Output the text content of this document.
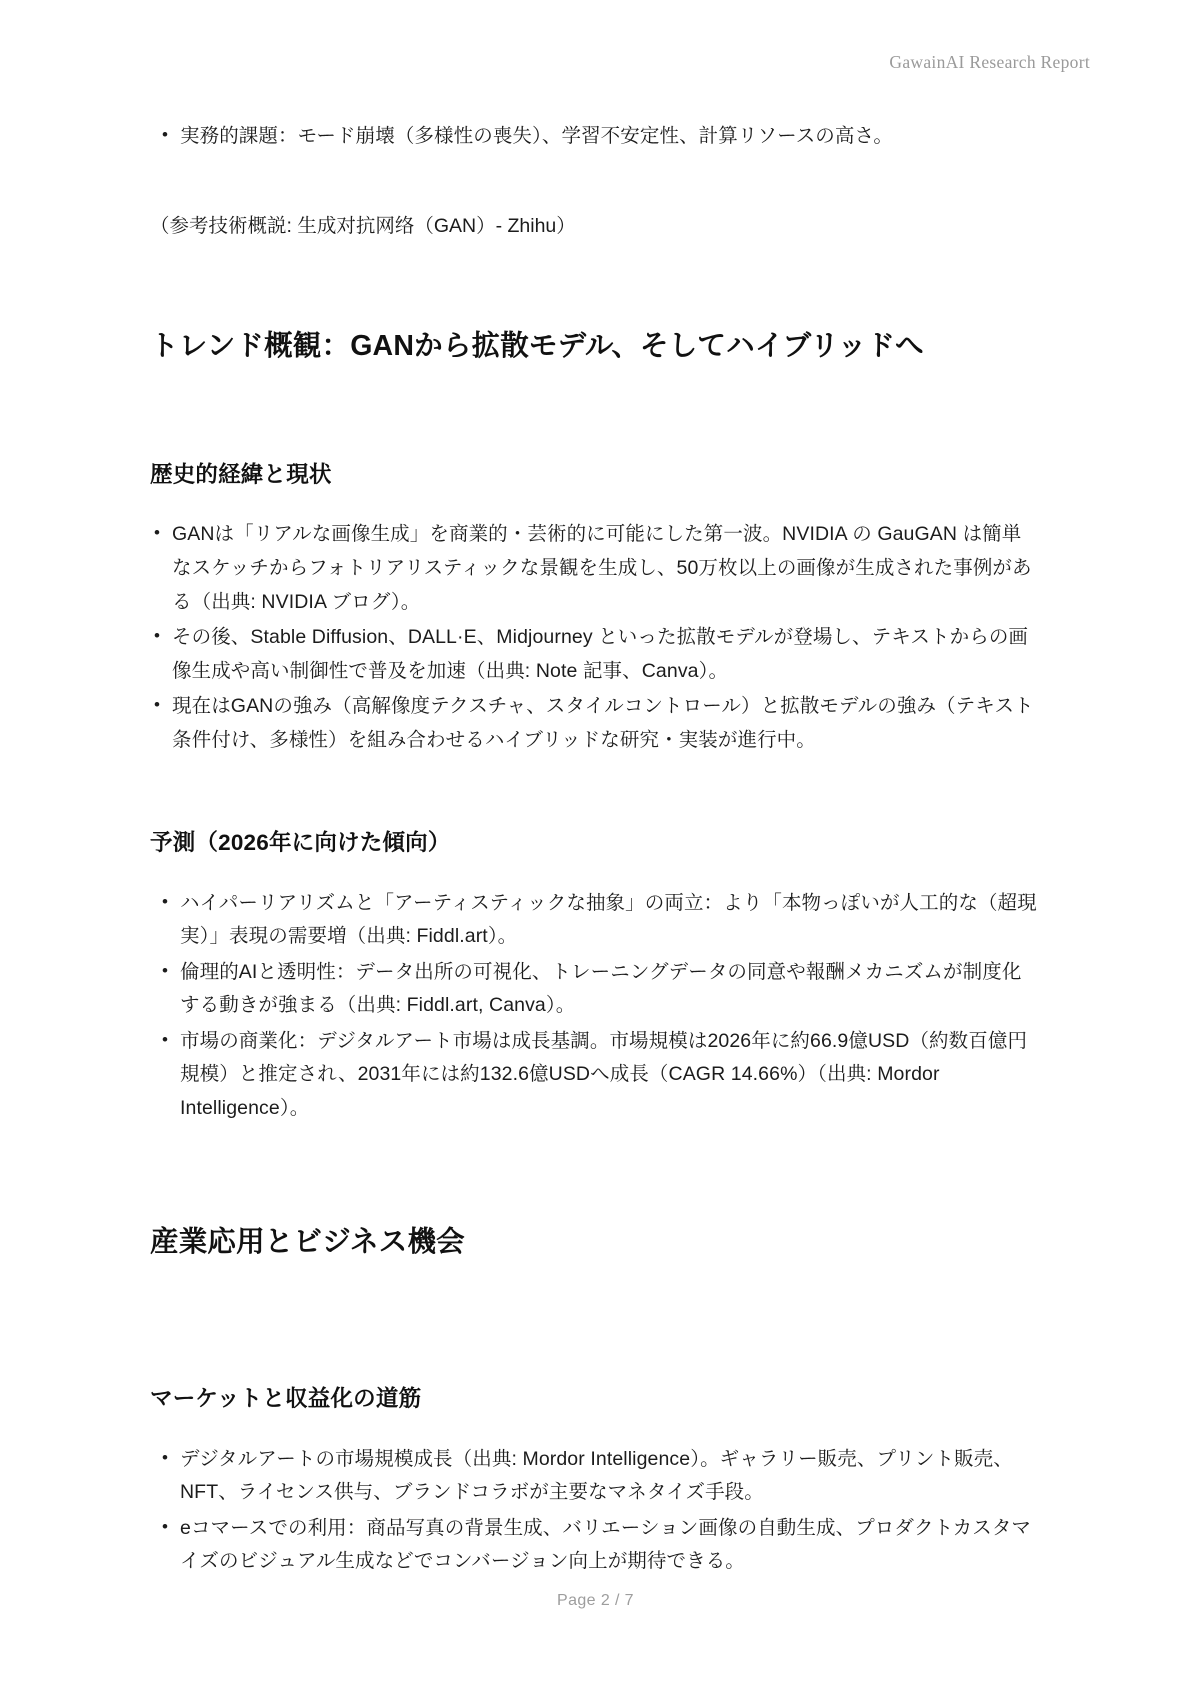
GawainAI Research Report
• 実務的課題：モード崩壊（多様性の喪失）、学習不安定性、計算リソースの高さ。

（参考技術概説: 生成对抗网络（GAN）- Zhihu）

トレンド概観：GANから拡散モデル、そしてハイブリッドへ
歴史的経緯と現状
• GANは「リアルな画像生成」を商業的・芸術的に可能にした第一波。NVIDIA の GauGAN は簡単なスケッチからフォトリアリスティックな景観を生成し、50万枚以上の画像が生成された事例がある（出典: NVIDIA ブログ）。
• その後、Stable Diffusion、DALL·E、Midjourney といった拡散モデルが登場し、テキストからの画像生成や高い制御性で普及を加速（出典: Note 記事、Canva）。
• 現在はGANの強み（高解像度テクスチャ、スタイルコントロール）と拡散モデルの強み（テキスト条件付け、多様性）を組み合わせるハイブリッドな研究・実装が進行中。
予測（2026年に向けた傾向）
• ハイパーリアリズムと「アーティスティックな抽象」の両立：より「本物っぽいが人工的な（超現実）」表現の需要増（出典: Fiddl.art）。
• 倫理的AIと透明性：データ出所の可視化、トレーニングデータの同意や報酬メカニズムが制度化する動きが強まる（出典: Fiddl.art, Canva）。
• 市場の商業化：デジタルアート市場は成長基調。市場規模は2026年に約66.9億USD（約数百億円規模）と推定され、2031年には約132.6億USDへ成長（CAGR 14.66%）（出典: Mordor Intelligence）。
産業応用とビジネス機会
マーケットと収益化の道筋
• デジタルアートの市場規模成長（出典: Mordor Intelligence）。ギャラリー販売、プリント販売、NFT、ライセンス供与、ブランドコラボが主要なマネタイズ手段。
• eコマースでの利用：商品写真の背景生成、バリエーション画像の自動生成、プロダクトカスタマイズのビジュアル生成などでコンバージョン向上が期待できる。
Page 2 / 7
